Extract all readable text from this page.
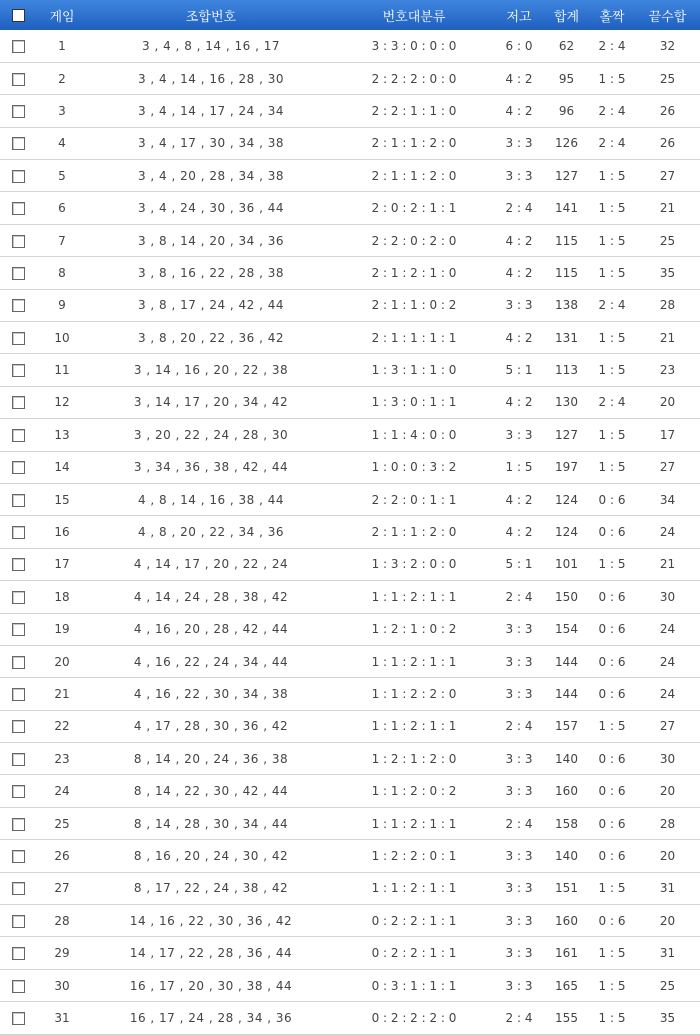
	게임	조합번호	번호대분류	저고	합계	홀짝	끝수합
	1	3 , 4 , 8 , 14 , 16 , 17	3 : 3 : 0 : 0 : 0	6 : 0	62	2 : 4	32
	2	3 , 4 , 14 , 16 , 28 , 30	2 : 2 : 2 : 0 : 0	4 : 2	95	1 : 5	25
	3	3 , 4 , 14 , 17 , 24 , 34	2 : 2 : 1 : 1 : 0	4 : 2	96	2 : 4	26
	4	3 , 4 , 17 , 30 , 34 , 38	2 : 1 : 1 : 2 : 0	3 : 3	126	2 : 4	26
	5	3 , 4 , 20 , 28 , 34 , 38	2 : 1 : 1 : 2 : 0	3 : 3	127	1 : 5	27
	6	3 , 4 , 24 , 30 , 36 , 44	2 : 0 : 2 : 1 : 1	2 : 4	141	1 : 5	21
	7	3 , 8 , 14 , 20 , 34 , 36	2 : 2 : 0 : 2 : 0	4 : 2	115	1 : 5	25
	8	3 , 8 , 16 , 22 , 28 , 38	2 : 1 : 2 : 1 : 0	4 : 2	115	1 : 5	35
	9	3 , 8 , 17 , 24 , 42 , 44	2 : 1 : 1 : 0 : 2	3 : 3	138	2 : 4	28
	10	3 , 8 , 20 , 22 , 36 , 42	2 : 1 : 1 : 1 : 1	4 : 2	131	1 : 5	21
	11	3 , 14 , 16 , 20 , 22 , 38	1 : 3 : 1 : 1 : 0	5 : 1	113	1 : 5	23
	12	3 , 14 , 17 , 20 , 34 , 42	1 : 3 : 0 : 1 : 1	4 : 2	130	2 : 4	20
	13	3 , 20 , 22 , 24 , 28 , 30	1 : 1 : 4 : 0 : 0	3 : 3	127	1 : 5	17
	14	3 , 34 , 36 , 38 , 42 , 44	1 : 0 : 0 : 3 : 2	1 : 5	197	1 : 5	27
	15	4 , 8 , 14 , 16 , 38 , 44	2 : 2 : 0 : 1 : 1	4 : 2	124	0 : 6	34
	16	4 , 8 , 20 , 22 , 34 , 36	2 : 1 : 1 : 2 : 0	4 : 2	124	0 : 6	24
	17	4 , 14 , 17 , 20 , 22 , 24	1 : 3 : 2 : 0 : 0	5 : 1	101	1 : 5	21
	18	4 , 14 , 24 , 28 , 38 , 42	1 : 1 : 2 : 1 : 1	2 : 4	150	0 : 6	30
	19	4 , 16 , 20 , 28 , 42 , 44	1 : 2 : 1 : 0 : 2	3 : 3	154	0 : 6	24
	20	4 , 16 , 22 , 24 , 34 , 44	1 : 1 : 2 : 1 : 1	3 : 3	144	0 : 6	24
	21	4 , 16 , 22 , 30 , 34 , 38	1 : 1 : 2 : 2 : 0	3 : 3	144	0 : 6	24
	22	4 , 17 , 28 , 30 , 36 , 42	1 : 1 : 2 : 1 : 1	2 : 4	157	1 : 5	27
	23	8 , 14 , 20 , 24 , 36 , 38	1 : 2 : 1 : 2 : 0	3 : 3	140	0 : 6	30
	24	8 , 14 , 22 , 30 , 42 , 44	1 : 1 : 2 : 0 : 2	3 : 3	160	0 : 6	20
	25	8 , 14 , 28 , 30 , 34 , 44	1 : 1 : 2 : 1 : 1	2 : 4	158	0 : 6	28
	26	8 , 16 , 20 , 24 , 30 , 42	1 : 2 : 2 : 0 : 1	3 : 3	140	0 : 6	20
	27	8 , 17 , 22 , 24 , 38 , 42	1 : 1 : 2 : 1 : 1	3 : 3	151	1 : 5	31
	28	14 , 16 , 22 , 30 , 36 , 42	0 : 2 : 2 : 1 : 1	3 : 3	160	0 : 6	20
	29	14 , 17 , 22 , 28 , 36 , 44	0 : 2 : 2 : 1 : 1	3 : 3	161	1 : 5	31
	30	16 , 17 , 20 , 30 , 38 , 44	0 : 3 : 1 : 1 : 1	3 : 3	165	1 : 5	25
	31	16 , 17 , 24 , 28 , 34 , 36	0 : 2 : 2 : 2 : 0	2 : 4	155	1 : 5	35
